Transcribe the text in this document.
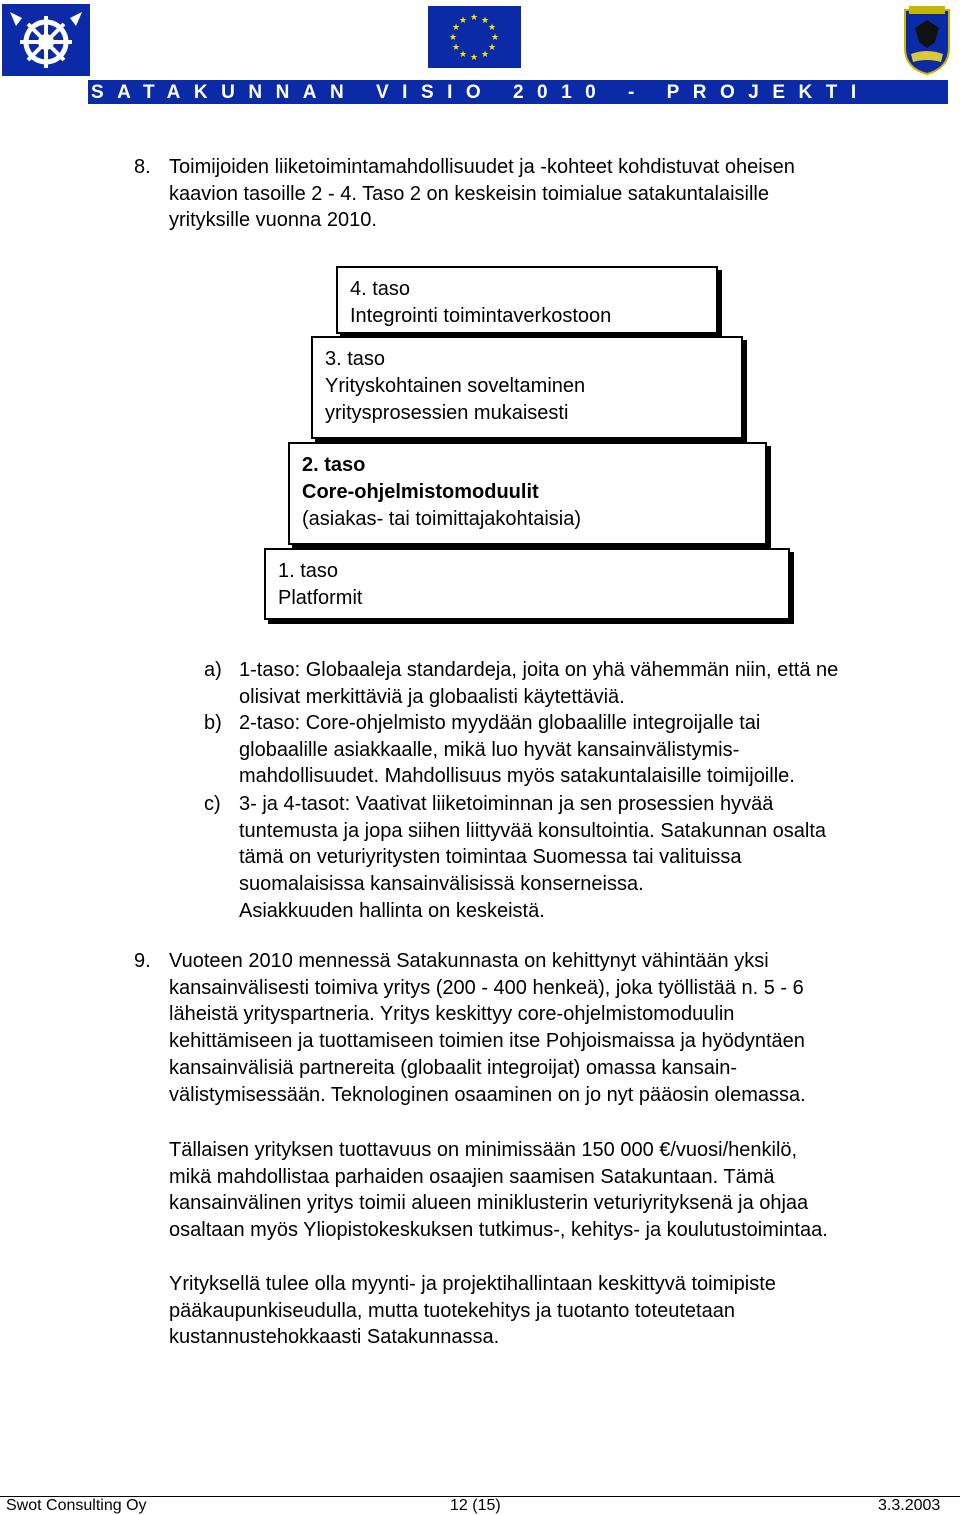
★ ★
★
★
★
★
★
★
★
★
★
★
SATAKUNNAN VISIO 2010 - PROJEKTI
8. Toimijoiden liiketoimintamahdollisuudet ja -kohteet kohdistuvat oheisen
kaavion tasoille 2 - 4. Taso 2 on keskeisin toimialue satakuntalaisille
yrityksille vuonna 2010.
4. taso
Integrointi toimintaverkostoon
3. taso
Yrityskohtainen soveltaminen
yritysprosessien mukaisesti
2. taso
Core-ohjelmistomoduulit
(asiakas- tai toimittajakohtaisia)
1. taso
Platformit
a) 1-taso: Globaaleja standardeja, joita on yhä vähemmän niin, että ne
olisivat merkittäviä ja globaalisti käytettäviä.
b) 2-taso: Core-ohjelmisto myydään globaalille integroijalle tai
globaalille asiakkaalle, mikä luo hyvät kansainvälistymis-
mahdollisuudet. Mahdollisuus myös satakuntalaisille toimijoille.
c) 3- ja 4-tasot: Vaativat liiketoiminnan ja sen prosessien hyvää
tuntemusta ja jopa siihen liittyvää konsultointia. Satakunnan osalta
tämä on veturiyritysten toimintaa Suomessa tai valituissa
suomalaisissa kansainvälisissä konserneissa.
Asiakkuuden hallinta on keskeistä.
9. Vuoteen 2010 mennessä Satakunnasta on kehittynyt vähintään yksi
kansainvälisesti toimiva yritys (200 - 400 henkeä), joka työllistää n. 5 - 6
läheistä yrityspartneria. Yritys keskittyy core-ohjelmistomoduulin
kehittämiseen ja tuottamiseen toimien itse Pohjoismaissa ja hyödyntäen
kansainvälisiä partnereita (globaalit integroijat) omassa kansain-
välistymisessään. Teknologinen osaaminen on jo nyt pääosin olemassa.
Tällaisen yrityksen tuottavuus on minimissään 150 000 €/vuosi/henkilö,
mikä mahdollistaa parhaiden osaajien saamisen Satakuntaan. Tämä
kansainvälinen yritys toimii alueen miniklusterin veturiyrityksenä ja ohjaa
osaltaan myös Yliopistokeskuksen tutkimus-, kehitys- ja koulutustoimintaa.
Yrityksellä tulee olla myynti- ja projektihallintaan keskittyvä toimipiste
pääkaupunkiseudulla, mutta tuotekehitys ja tuotanto toteutetaan
kustannustehokkaasti Satakunnassa.
Swot Consulting Oy	12 (15)	3.3.2003
